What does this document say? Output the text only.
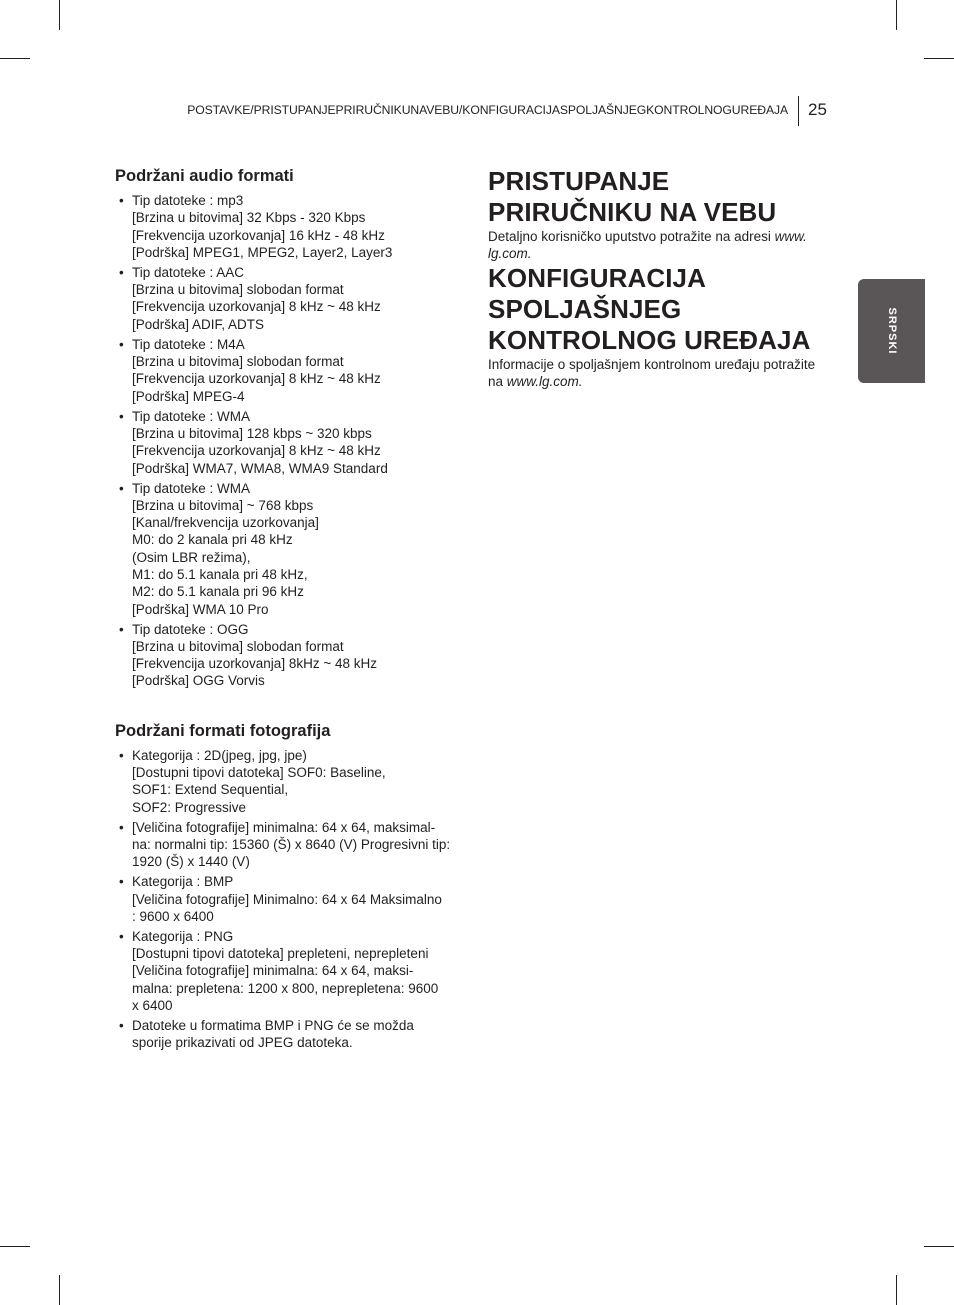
POSTAVKE/PRISTUPANJEPRIRUČNIKUNAVEBU/KONFIGURACIJASPOLJAŠNJEGKONTROLNOGUREĐAJA 25
SRPSKI
Podržani audio formati
• Tip datoteke : mp3
[Brzina u bitovima] 32 Kbps - 320 Kbps
[Frekvencija uzorkovanja] 16 kHz - 48 kHz
[Podrška] MPEG1, MPEG2, Layer2, Layer3
• Tip datoteke : AAC
[Brzina u bitovima] slobodan format
[Frekvencija uzorkovanja] 8 kHz ~ 48 kHz
[Podrška] ADIF, ADTS
• Tip datoteke : M4A
[Brzina u bitovima] slobodan format
[Frekvencija uzorkovanja] 8 kHz ~ 48 kHz
[Podrška] MPEG-4
• Tip datoteke : WMA
[Brzina u bitovima] 128 kbps ~ 320 kbps
[Frekvencija uzorkovanja] 8 kHz ~ 48 kHz
[Podrška] WMA7, WMA8, WMA9 Standard
• Tip datoteke : WMA
[Brzina u bitovima] ~ 768 kbps
[Kanal/frekvencija uzorkovanja]
M0: do 2 kanala pri 48 kHz
(Osim LBR režima),
M1: do 5.1 kanala pri 48 kHz,
M2: do 5.1 kanala pri 96 kHz
[Podrška] WMA 10 Pro
• Tip datoteke : OGG
[Brzina u bitovima] slobodan format
[Frekvencija uzorkovanja] 8kHz ~ 48 kHz
[Podrška] OGG Vorvis
Podržani formati fotografija
• Kategorija : 2D(jpeg, jpg, jpe)
[Dostupni tipovi datoteka] SOF0: Baseline,
SOF1: Extend Sequential,
SOF2: Progressive
• [Veličina fotografije] minimalna: 64 x 64, maksimal-
na: normalni tip: 15360 (Š) x 8640 (V) Progresivni tip:
1920 (Š) x 1440 (V)
• Kategorija : BMP
[Veličina fotografije] Minimalno: 64 x 64 Maksimalno
: 9600 x 6400
• Kategorija : PNG
[Dostupni tipovi datoteka] prepleteni, neprepleteni
[Veličina fotografije] minimalna: 64 x 64, maksi-
malna: prepletena: 1200 x 800, neprepletena: 9600
x 6400
• Datoteke u formatima BMP i PNG će se možda
sporije prikazivati od JPEG datoteka.
PRISTUPANJE
PRIRUČNIKU NA VEBU

Detaljno korisničko uputstvo potražite na adresi www.
lg.com.

KONFIGURACIJA
SPOLJAŠNJEG
KONTROLNOG UREĐAJA

Informacije o spoljašnjem kontrolnom uređaju potražite
na www.lg.com.
